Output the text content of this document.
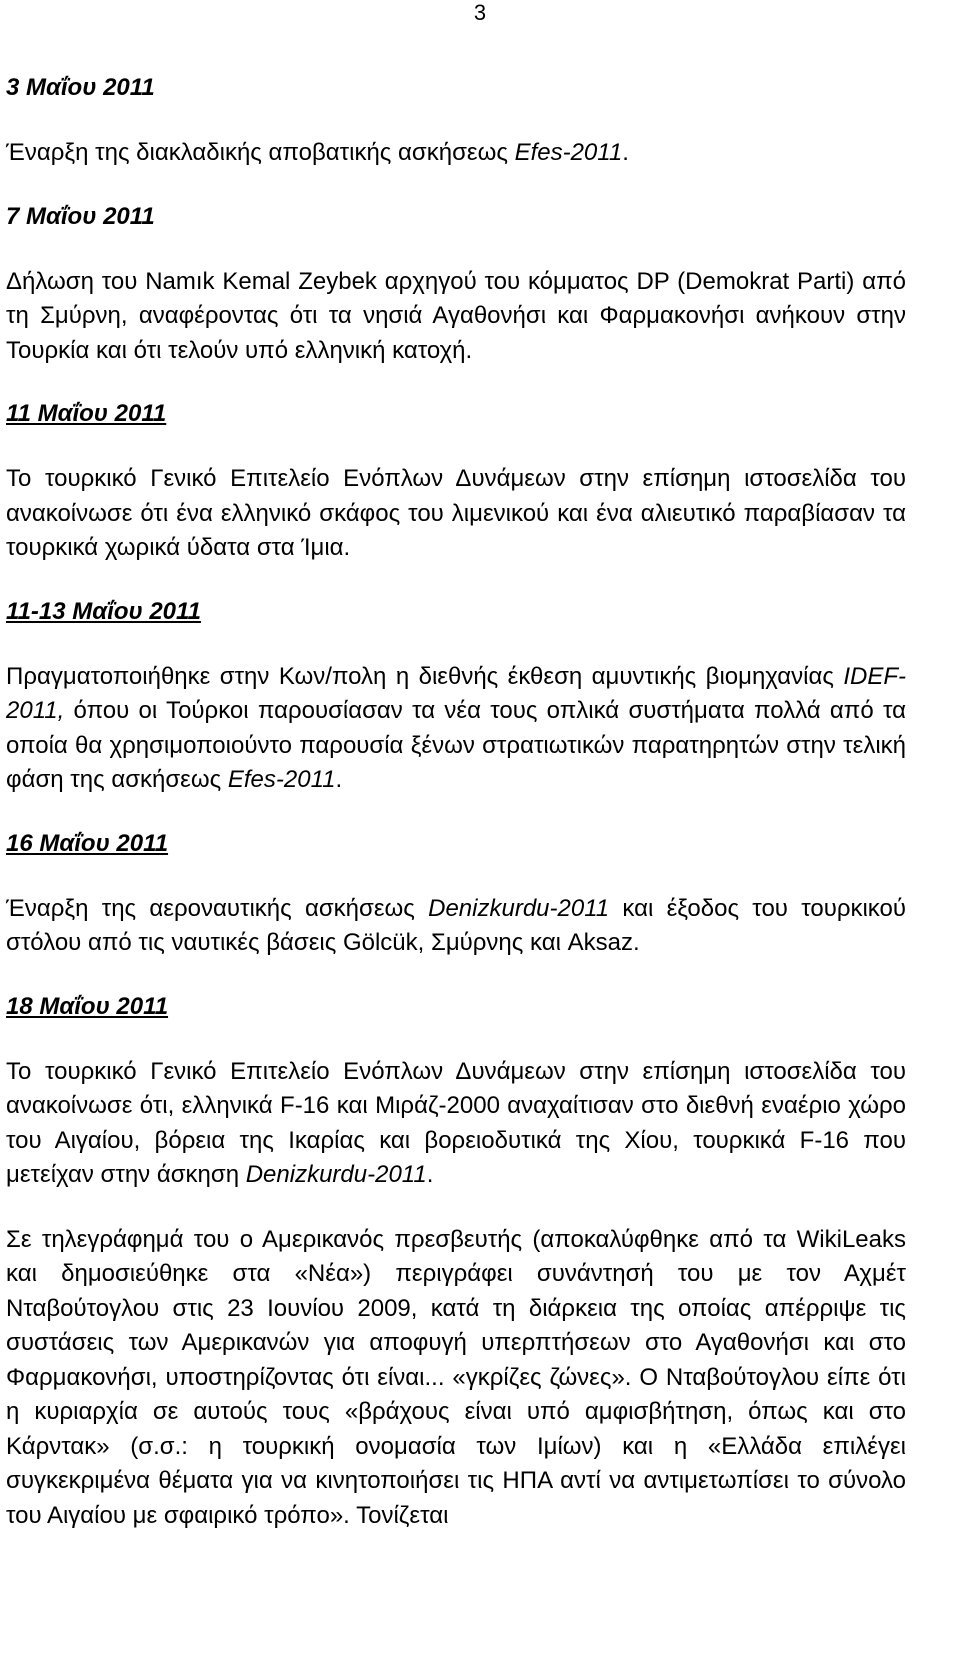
3

3 Μαΐου 2011

Έναρξη της διακλαδικής αποβατικής ασκήσεως Efes-2011.

7 Μαΐου 2011

Δήλωση του Namık Kemal Zeybek αρχηγού του κόμματος DP (Demokrat Parti) από τη Σμύρνη, αναφέροντας ότι τα νησιά Αγαθονήσι και Φαρμακονήσι ανήκουν στην Τουρκία και ότι τελούν υπό ελληνική κατοχή.

11 Μαΐου 2011

Το τουρκικό Γενικό Επιτελείο Ενόπλων Δυνάμεων στην επίσημη ιστοσελίδα του ανακοίνωσε ότι ένα ελληνικό σκάφος του λιμενικού και ένα αλιευτικό παραβίασαν τα τουρκικά χωρικά ύδατα στα Ίμια.

11-13 Μαΐου 2011

Πραγματοποιήθηκε στην Κων/πολη η διεθνής έκθεση αμυντικής βιομηχανίας IDEF-2011, όπου οι Τούρκοι παρουσίασαν τα νέα τους οπλικά συστήματα πολλά από τα οποία θα χρησιμοποιούντο παρουσία ξένων στρατιωτικών παρατηρητών στην τελική φάση της ασκήσεως Efes-2011.

16 Μαΐου 2011

Έναρξη της αεροναυτικής ασκήσεως Denizkurdu-2011 και έξοδος του τουρκικού στόλου από τις ναυτικές βάσεις Gölcük, Σμύρνης και Aksaz.

18 Μαΐου 2011

Το τουρκικό Γενικό Επιτελείο Ενόπλων Δυνάμεων στην επίσημη ιστοσελίδα του ανακοίνωσε ότι, ελληνικά F-16 και Μιράζ-2000 αναχαίτισαν στο διεθνή εναέριο χώρο του Αιγαίου, βόρεια της Ικαρίας και βορειοδυτικά της Χίου, τουρκικά F-16 που μετείχαν στην άσκηση Denizkurdu-2011.

Σε τηλεγράφημά του ο Αμερικανός πρεσβευτής (αποκαλύφθηκε από τα WikiLeaks και δημοσιεύθηκε στα «Νέα») περιγράφει συνάντησή του με τον Αχμέτ Νταβούτογλου στις 23 Ιουνίου 2009, κατά τη διάρκεια της οποίας απέρριψε τις συστάσεις των Αμερικανών για αποφυγή υπερπτήσεων στο Αγαθονήσι και στο Φαρμακονήσι, υποστηρίζοντας ότι είναι... «γκρίζες ζώνες». Ο Νταβούτογλου είπε ότι η κυριαρχία σε αυτούς τους «βράχους είναι υπό αμφισβήτηση, όπως και στο Κάρντακ» (σ.σ.: η τουρκική ονομασία των Ιμίων) και η «Ελλάδα επιλέγει συγκεκριμένα θέματα για να κινητοποιήσει τις ΗΠΑ αντί να αντιμετωπίσει το σύνολο του Αιγαίου με σφαιρικό τρόπο». Τονίζεται
